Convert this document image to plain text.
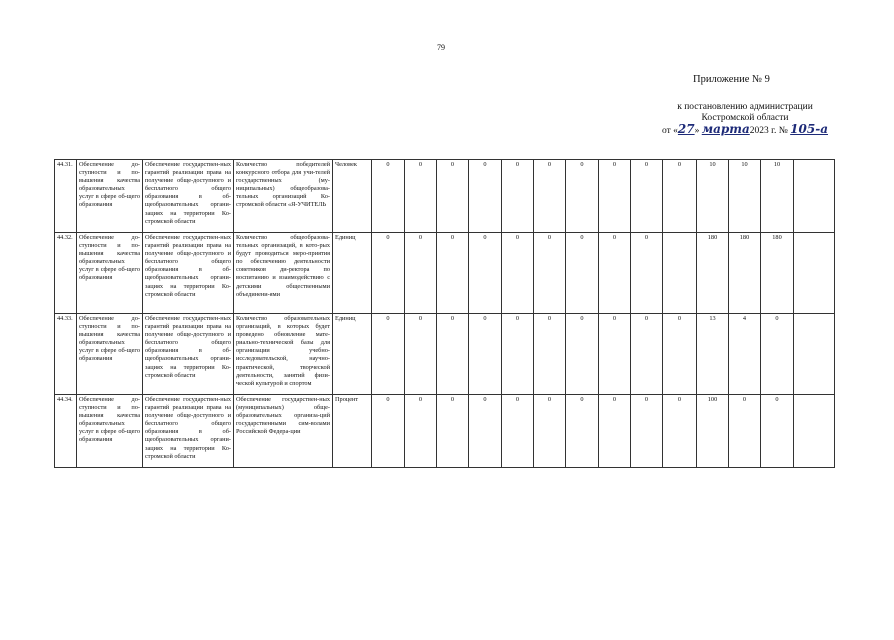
79
Приложение № 9
к постановлению администрации
Костромской области
от «27» марта2023 г. № 105-а
44.31.	Обеспечение до-ступности и по-вышения качества образовательных услуг в сфере об-щего образования	Обеспечение государствен-ных гарантий реализации права на получение обще-доступного и бесплатного общего образования в об-щеобразовательных органи-зациях на территории Ко-стромской области	Количество победителей конкурсного отбора для учи-телей государственных (му-ниципальных) общеобразова-тельных организаций Ко-стромской области «Я-УЧИТЕЛЬ	Человек	0	0	0	0	0	0	0	0	0	0	10	10	10	
44.32.	Обеспечение до-ступности и по-вышения качества образовательных услуг в сфере об-щего образования	Обеспечение государствен-ных гарантий реализации права на получение обще-доступного и бесплатного общего образования в об-щеобразовательных органи-зациях на территории Ко-стромской области	Количество общеобразова-тельных организаций, в кото-рых будут проводиться меро-приятия по обеспечению деятельности советников ди-ректора по воспитанию и взаимодействию с детскими общественными объединени-ями	Единиц	0	0	0	0	0	0	0	0	0		180	180	180	
44.33.	Обеспечение до-ступности и по-вышения качества образовательных услуг в сфере об-щего образования	Обеспечение государствен-ных гарантий реализации права на получение обще-доступного и бесплатного общего образования в об-щеобразовательных органи-зациях на территории Ко-стромской области	Количество образовательных организаций, в которых будет проведено обновление мате-риально-технической базы для организации учебно-исследовательской, научно-практической, творческой деятельности, занятий физи-ческой культурой и спортом	Единиц	0	0	0	0	0	0	0	0	0	0	13	4	0	
44.34.	Обеспечение до-ступности и по-вышения качества образовательных услуг в сфере об-щего образования	Обеспечение государствен-ных гарантий реализации права на получение обще-доступного и бесплатного общего образования в об-щеобразовательных органи-зациях на территории Ко-стромской области	Обеспечение государствен-ных (муниципальных) обще-образовательных организа-ций государственными сим-волами Российской Федера-ции	Процент	0	0	0	0	0	0	0	0	0	0	100	0	0	
